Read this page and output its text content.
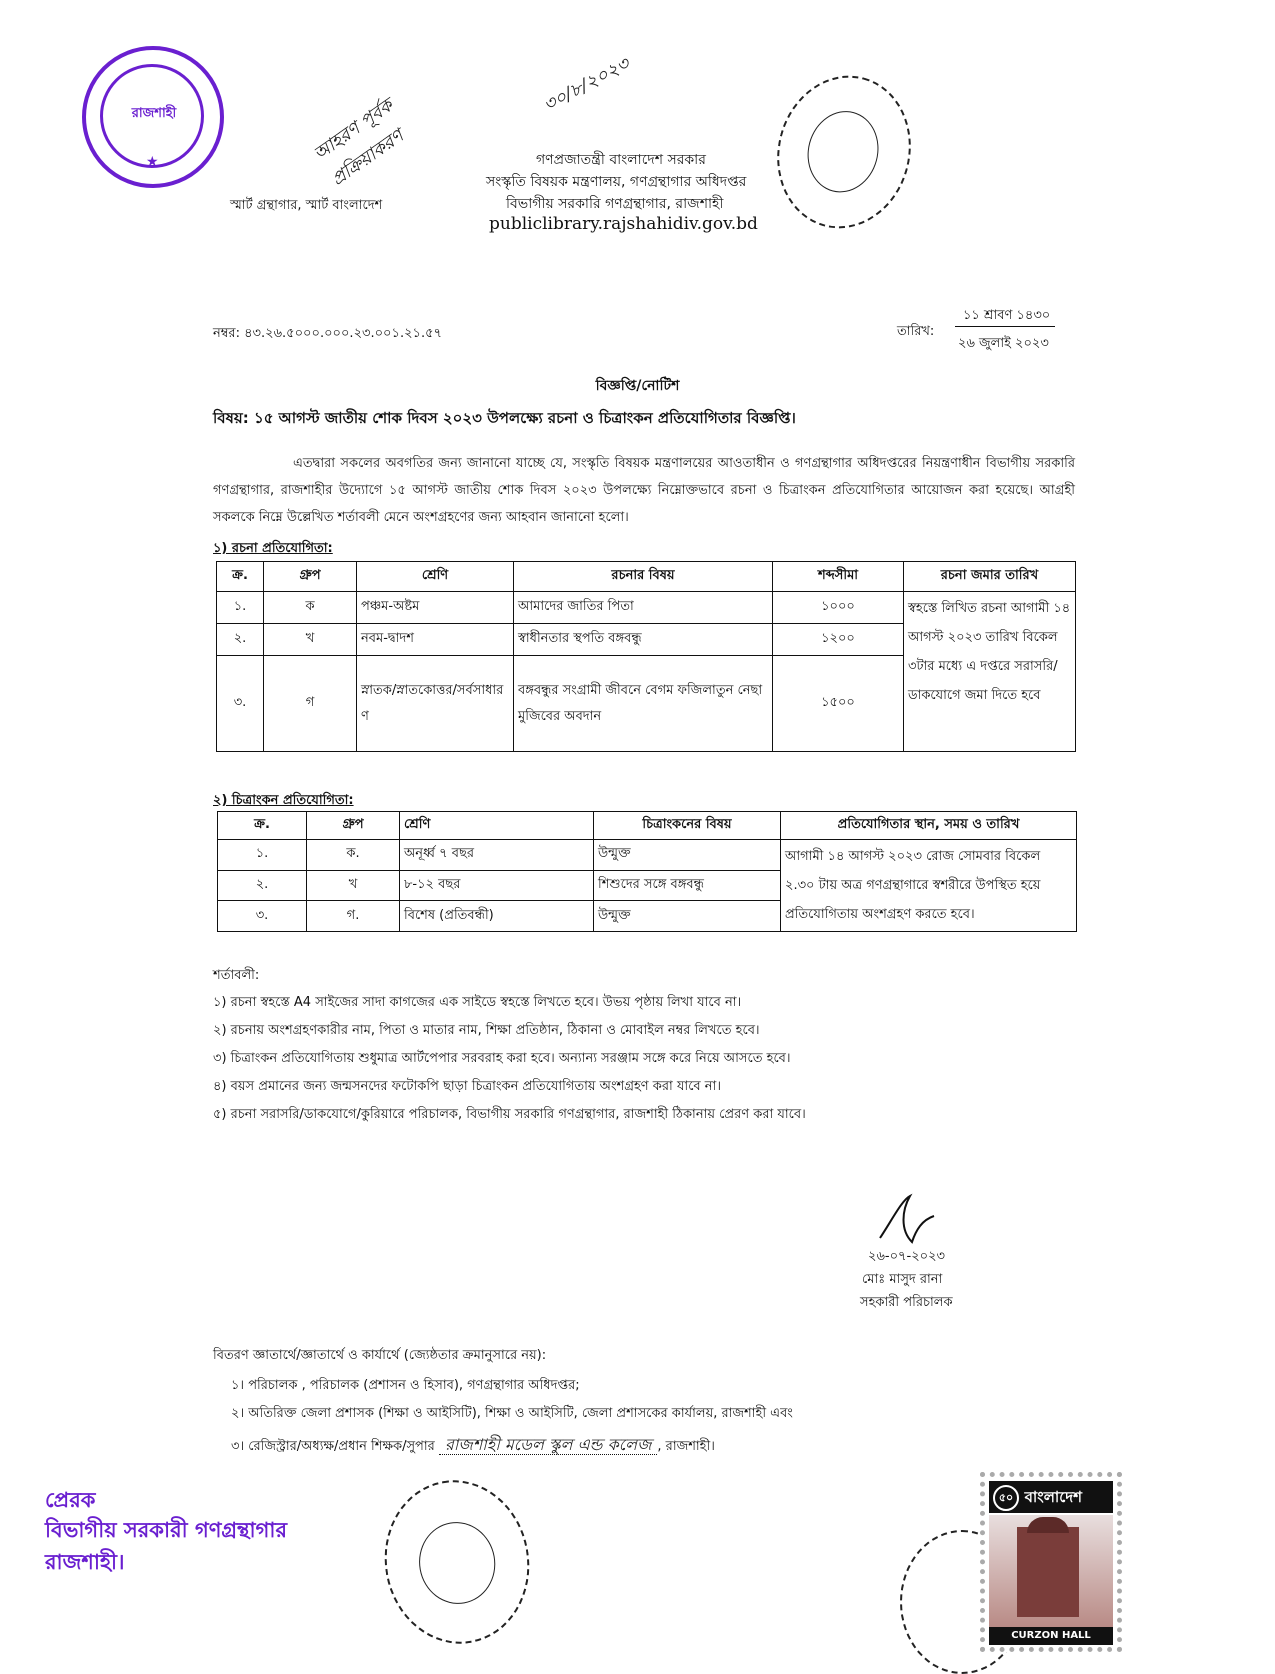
রাজশাহী
★	আহরণ পূর্বক প্রক্রিয়াকরণ
৩০/৮/২০২৩
স্মার্ট গ্রন্থাগার, স্মার্ট বাংলাদেশ
গণপ্রজাতন্ত্রী বাংলাদেশ সরকার
সংস্কৃতি বিষয়ক মন্ত্রণালয়, গণগ্রন্থাগার অধিদপ্তর
বিভাগীয় সরকারি গণগ্রন্থাগার, রাজশাহী
publiclibrary.rajshahidiv.gov.bd
নম্বর: ৪৩.২৬.৫০০০.০০০.২৩.০০১.২১.৫৭	তারিখ:
১১ শ্রাবণ ১৪৩০
২৬ জুলাই ২০২৩
বিজ্ঞপ্তি/নোটিশ
বিষয়: ১৫ আগস্ট জাতীয় শোক দিবস ২০২৩ উপলক্ষ্যে রচনা ও চিত্রাংকন প্রতিযোগিতার বিজ্ঞপ্তি।
এতদ্বারা সকলের অবগতির জন্য জানানো যাচ্ছে যে, সংস্কৃতি বিষয়ক মন্ত্রণালয়ের আওতাধীন ও গণগ্রন্থাগার অধিদপ্তরের নিয়ন্ত্রণাধীন বিভাগীয় সরকারি গণগ্রন্থাগার, রাজশাহীর উদ্যোগে ১৫ আগস্ট জাতীয় শোক দিবস ২০২৩ উপলক্ষ্যে নিম্নোক্তভাবে রচনা ও চিত্রাংকন প্রতিযোগিতার আয়োজন করা হয়েছে। আগ্রহী সকলকে নিম্নে উল্লেখিত শর্তাবলী মেনে অংশগ্রহণের জন্য আহবান জানানো হলো।
১) রচনা প্রতিযোগিতা:
ক্র.	গ্রুপ	শ্রেণি	রচনার বিষয়	শব্দসীমা	রচনা জমার তারিখ
১.	ক	পঞ্চম-অষ্টম	আমাদের জাতির পিতা	১০০০	স্বহস্তে লিখিত রচনা আগামী ১৪ আগস্ট ২০২৩ তারিখ বিকেল ৩টার মধ্যে এ দপ্তরে সরাসরি/ডাকযোগে জমা দিতে হবে
২.	খ	নবম-দ্বাদশ	স্বাধীনতার স্থপতি বঙ্গবন্ধু	১২০০	
৩.	গ	স্নাতক/স্নাতকোত্তর/সর্বসাধারণ	বঙ্গবন্ধুর সংগ্রামী জীবনে বেগম ফজিলাতুন নেছা মুজিবের অবদান	১৫০০	
২) চিত্রাংকন প্রতিযোগিতা:
ক্র.	গ্রুপ	শ্রেণি	চিত্রাংকনের বিষয়	প্রতিযোগিতার স্থান, সময় ও তারিখ
১.	ক.	অনূর্ধ্ব ৭ বছর	উন্মুক্ত	আগামী ১৪ আগস্ট ২০২৩ রোজ সোমবার বিকেল ২.৩০ টায় অত্র গণগ্রন্থাগারে স্বশরীরে উপস্থিত হয়ে প্রতিযোগিতায় অংশগ্রহণ করতে হবে।
২.	খ	৮-১২ বছর	শিশুদের সঙ্গে বঙ্গবন্ধু	
৩.	গ.	বিশেষ (প্রতিবন্ধী)	উন্মুক্ত	
শর্তাবলী:
১) রচনা স্বহস্তে A4 সাইজের সাদা কাগজের এক সাইডে স্বহস্তে লিখতে হবে। উভয় পৃষ্ঠায় লিখা যাবে না।
২) রচনায় অংশগ্রহণকারীর নাম, পিতা ও মাতার নাম, শিক্ষা প্রতিষ্ঠান, ঠিকানা ও মোবাইল নম্বর লিখতে হবে।
৩) চিত্রাংকন প্রতিযোগিতায় শুধুমাত্র আর্টপেপার সরবরাহ করা হবে। অন্যান্য সরঞ্জাম সঙ্গে করে নিয়ে আসতে হবে।
৪) বয়স প্রমানের জন্য জন্মসনদের ফটোকপি ছাড়া চিত্রাংকন প্রতিযোগিতায় অংশগ্রহণ করা যাবে না।
৫) রচনা সরাসরি/ডাকযোগে/কুরিয়ারে পরিচালক, বিভাগীয় সরকারি গণগ্রন্থাগার, রাজশাহী ঠিকানায় প্রেরণ করা যাবে।
২৬-০৭-২০২৩
মোঃ মাসুদ রানা
সহকারী পরিচালক
বিতরণ জ্ঞাতার্থে/জ্ঞাতার্থে ও কার্যার্থে (জ্যেষ্ঠতার ক্রমানুসারে নয়):
১। পরিচালক , পরিচালক (প্রশাসন ও হিসাব), গণগ্রন্থাগার অধিদপ্তর;
২। অতিরিক্ত জেলা প্রশাসক (শিক্ষা ও আইসিটি), শিক্ষা ও আইসিটি, জেলা প্রশাসকের কার্যালয়, রাজশাহী এবং
৩। রেজিস্ট্রার/অধ্যক্ষ/প্রধান শিক্ষক/সুপার রাজশাহী মডেল স্কুল এন্ড কলেজ , রাজশাহী।
প্রেরক
বিভাগীয় সরকারী গণগ্রন্থাগার
রাজশাহী।
৫০ বাংলাদেশ
CURZON HALL
